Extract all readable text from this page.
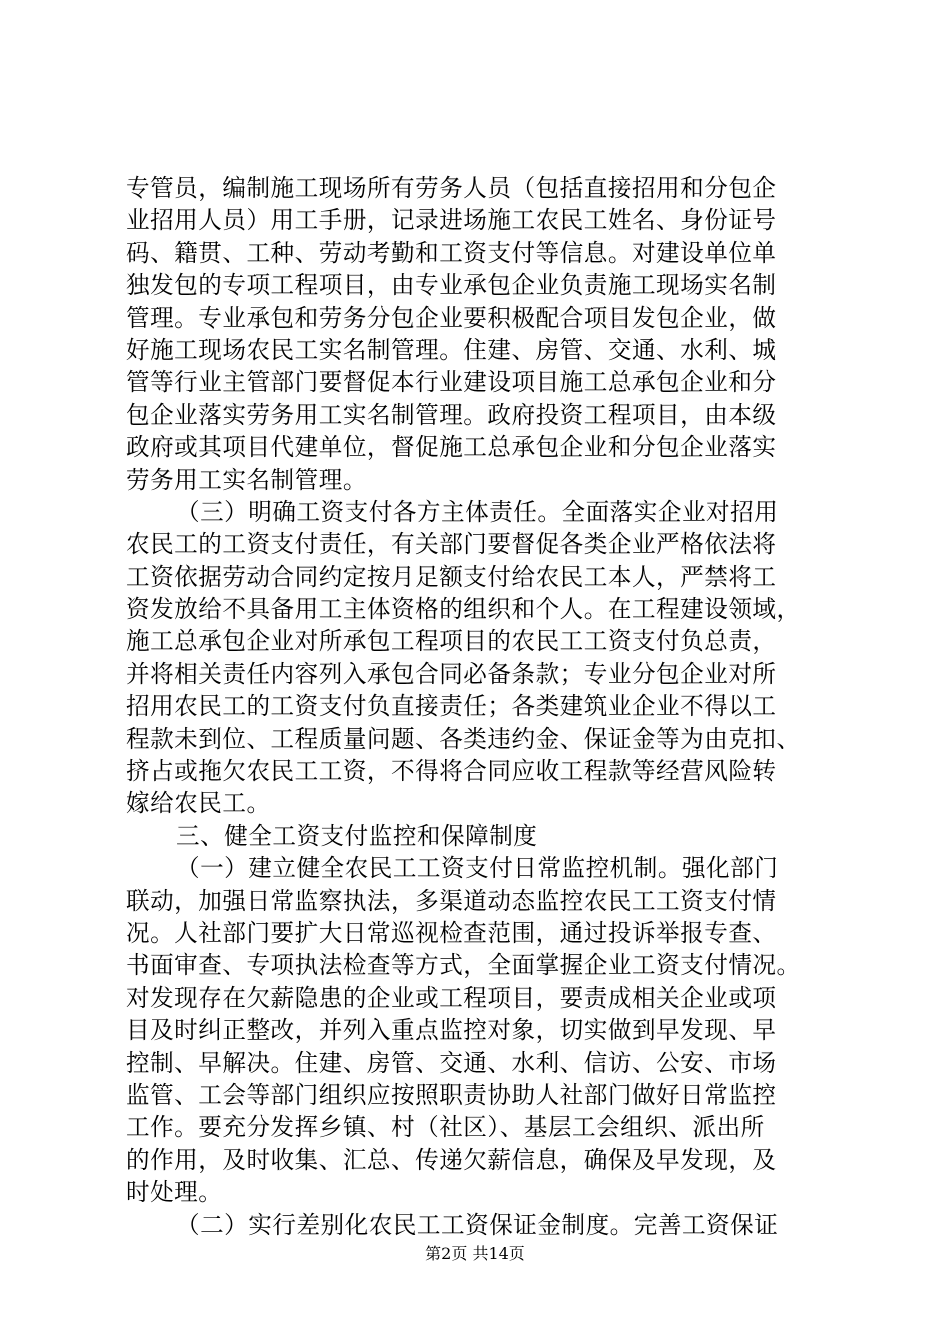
专管员，编制施工现场所有劳务人员（包括直接招用和分包企
业招用人员）用工手册，记录进场施工农民工姓名、身份证号
码、籍贯、工种、劳动考勤和工资支付等信息。对建设单位单
独发包的专项工程项目，由专业承包企业负责施工现场实名制
管理。专业承包和劳务分包企业要积极配合项目发包企业，做
好施工现场农民工实名制管理。住建、房管、交通、水利、城
管等行业主管部门要督促本行业建设项目施工总承包企业和分
包企业落实劳务用工实名制管理。政府投资工程项目，由本级
政府或其项目代建单位，督促施工总承包企业和分包企业落实
劳务用工实名制管理。
（三）明确工资支付各方主体责任。全面落实企业对招用
农民工的工资支付责任，有关部门要督促各类企业严格依法将
工资依据劳动合同约定按月足额支付给农民工本人，严禁将工
资发放给不具备用工主体资格的组织和个人。在工程建设领域，
施工总承包企业对所承包工程项目的农民工工资支付负总责，
并将相关责任内容列入承包合同必备条款；专业分包企业对所
招用农民工的工资支付负直接责任；各类建筑业企业不得以工
程款未到位、工程质量问题、各类违约金、保证金等为由克扣、
挤占或拖欠农民工工资，不得将合同应收工程款等经营风险转
嫁给农民工。
三、健全工资支付监控和保障制度
（一）建立健全农民工工资支付日常监控机制。强化部门
联动，加强日常监察执法，多渠道动态监控农民工工资支付情
况。人社部门要扩大日常巡视检查范围，通过投诉举报专查、
书面审查、专项执法检查等方式，全面掌握企业工资支付情况。
对发现存在欠薪隐患的企业或工程项目，要责成相关企业或项
目及时纠正整改，并列入重点监控对象，切实做到早发现、早
控制、早解决。住建、房管、交通、水利、信访、公安、市场
监管、工会等部门组织应按照职责协助人社部门做好日常监控
工作。要充分发挥乡镇、村（社区）、基层工会组织、派出所
的作用，及时收集、汇总、传递欠薪信息，确保及早发现，及
时处理。
（二）实行差别化农民工工资保证金制度。完善工资保证
第2页 共14页
